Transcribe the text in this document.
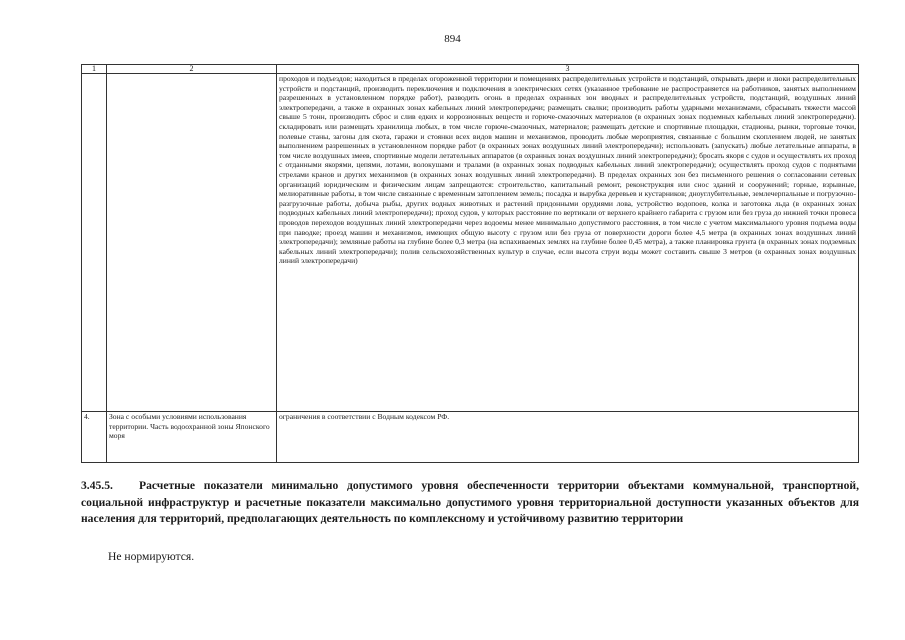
894
1	2	3
		проходов и подъездов; находиться в пределах огороженной территории и помещениях распределительных устройств и подстанций, открывать двери и люки распределительных устройств и подстанций, производить переключения и подключения в электрических сетях (указанное требование не распространяется на работников, занятых выполнением разрешенных в установленном порядке работ), разводить огонь в пределах охранных зон вводных и распределительных устройств, подстанций, воздушных линий электропередачи, а также в охранных зонах кабельных линий электропередачи; размещать свалки; производить работы ударными механизмами, сбрасывать тяжести массой свыше 5 тонн, производить сброс и слив едких и коррозионных веществ и горюче-смазочных материалов (в охранных зонах подземных кабельных линий электропередачи). складировать или размещать хранилища любых, в том числе горюче-смазочных, материалов; размещать детские и спортивные площадки, стадионы, рынки, торговые точки, полевые станы, загоны для скота, гаражи и стоянки всех видов машин и механизмов, проводить любые мероприятия, связанные с большим скоплением людей, не занятых выполнением разрешенных в установленном порядке работ (в охранных зонах воздушных линий электропередачи); использовать (запускать) любые летательные аппараты, в том числе воздушных змеев, спортивные модели летательных аппаратов (в охранных зонах воздушных линий электропередачи); бросать якоря с судов и осуществлять их проход с отданными якорями, цепями, лотами, волокушами и тралами (в охранных зонах подводных кабельных линий электропередачи); осуществлять проход судов с поднятыми стрелами кранов и других механизмов (в охранных зонах воздушных линий электропередачи). В пределах охранных зон без письменного решения о согласовании сетевых организаций юридическим и физическим лицам запрещаются: строительство, капитальный ремонт, реконструкция или снос зданий и сооружений; горные, взрывные, мелиоративные работы, в том числе связанные с временным затоплением земель; посадка и вырубка деревьев и кустарников; дноуглубительные, землечерпальные и погрузочно-разгрузочные работы, добыча рыбы, других водных животных и растений придонными орудиями лова, устройство водопоев, колка и заготовка льда (в охранных зонах подводных кабельных линий электропередачи); проход судов, у которых расстояние по вертикали от верхнего крайнего габарита с грузом или без груза до нижней точки провеса проводов переходов воздушных линий электропередачи через водоемы менее минимально допустимого расстояния, в том числе с учетом максимального уровня подъема воды при паводке; проезд машин и механизмов, имеющих общую высоту с грузом или без груза от поверхности дороги более 4,5 метра (в охранных зонах воздушных линий электропередачи); земляные работы на глубине более 0,3 метра (на вспахиваемых землях на глубине более 0,45 метра), а также планировка грунта (в охранных зонах подземных кабельных линий электропередачи); полив сельскохозяйственных культур в случае, если высота струи воды может составить свыше 3 метров (в охранных зонах воздушных линий электропередачи)
4.	Зона с особыми условиями использования территории. Часть водоохранной зоны Японского моря	ограничения в соответствии с Водным кодексом РФ.
3.45.5. Расчетные показатели минимально допустимого уровня обеспеченности территории объектами коммунальной, транспортной, социальной инфраструктур и расчетные показатели максимально допустимого уровня территориальной доступности указанных объектов для населения для территорий, предполагающих деятельность по комплексному и устойчивому развитию территории
Не нормируются.
